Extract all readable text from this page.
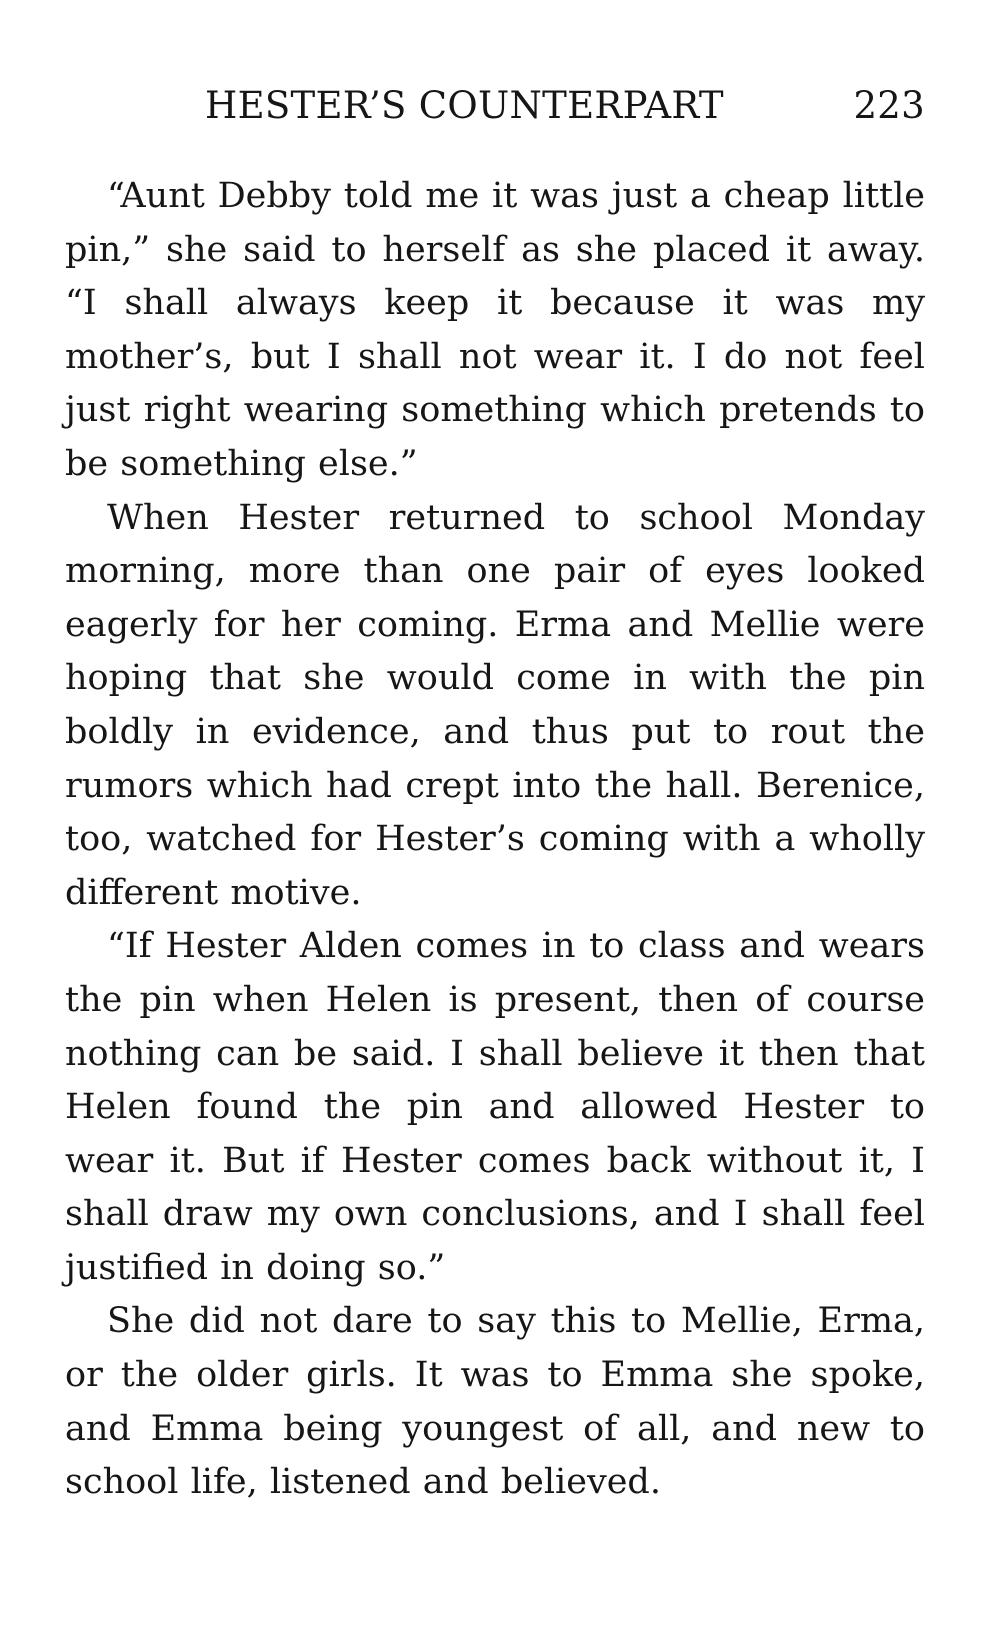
HESTER’S COUNTERPART	223

“Aunt Debby told me it was just a cheap little pin,” she said to herself as she placed it away. “I shall always keep it because it was my mother’s, but I shall not wear it. I do not feel just right wearing something which pretends to be something else.”

When Hester returned to school Monday morning, more than one pair of eyes looked eagerly for her coming. Erma and Mellie were hoping that she would come in with the pin boldly in evidence, and thus put to rout the rumors which had crept into the hall. Berenice, too, watched for Hester’s coming with a wholly different motive.

“If Hester Alden comes in to class and wears the pin when Helen is present, then of course nothing can be said. I shall believe it then that Helen found the pin and allowed Hester to wear it. But if Hester comes back without it, I shall draw my own conclusions, and I shall feel justified in doing so.”

She did not dare to say this to Mellie, Erma, or the older girls. It was to Emma she spoke, and Emma being youngest of all, and new to school life, listened and believed.
